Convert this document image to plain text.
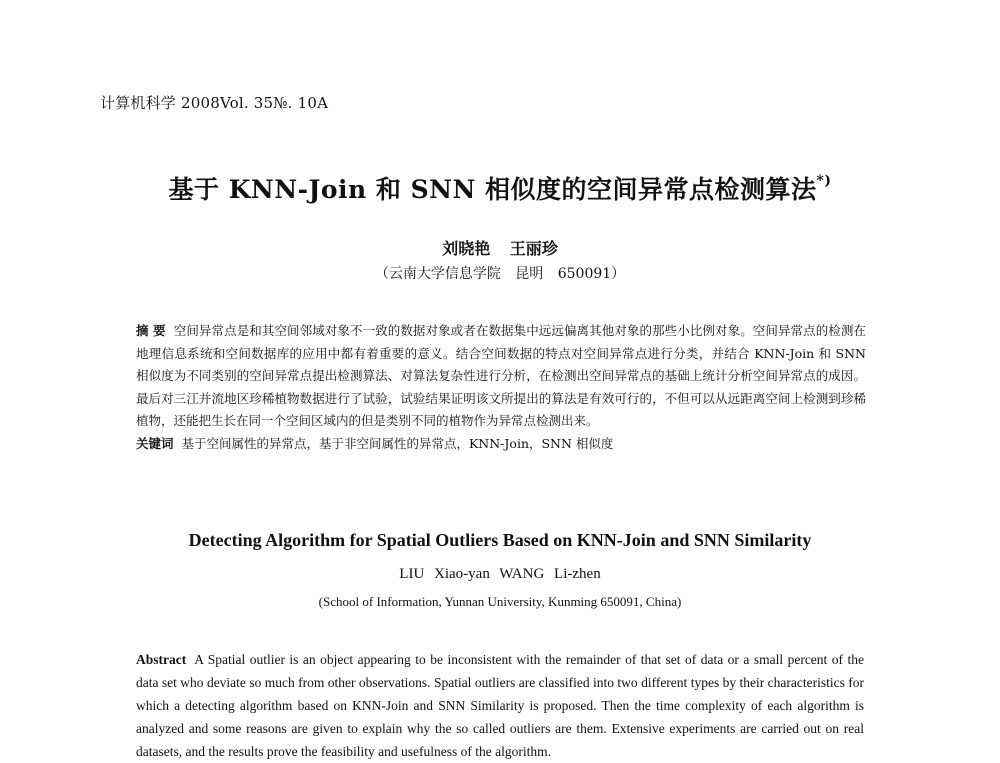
计算机科学 2008Vol. 35№. 10A
基于 KNN-Join 和 SNN 相似度的空间异常点检测算法*)
刘晓艳 王丽珍
（云南大学信息学院 昆明 650091）

摘 要 空间异常点是和其空间邻域对象不一致的数据对象或者在数据集中远远偏离其他对象的那些小比例对象。空间异常点的检测在地理信息系统和空间数据库的应用中都有着重要的意义。结合空间数据的特点对空间异常点进行分类，并结合 KNN-Join 和 SNN 相似度为不同类别的空间异常点提出检测算法、对算法复杂性进行分析，在检测出空间异常点的基础上统计分析空间异常点的成因。最后对三江并流地区珍稀植物数据进行了试验，试验结果证明该文所提出的算法是有效可行的，不但可以从远距离空间上检测到珍稀植物，还能把生长在同一个空间区域内的但是类别不同的植物作为异常点检测出来。

关键词 基于空间属性的异常点，基于非空间属性的异常点，KNN-Join，SNN 相似度

Detecting Algorithm for Spatial Outliers Based on KNN-Join and SNN Similarity
LIU Xiao-yan WANG Li-zhen
(School of Information, Yunnan University, Kunming 650091, China)

Abstract A Spatial outlier is an object appearing to be inconsistent with the remainder of that set of data or a small percent of the data set who deviate so much from other observations. Spatial outliers are classified into two different types by their characteristics for which a detecting algorithm based on KNN-Join and SNN Similarity is proposed. Then the time complexity of each algorithm is analyzed and some reasons are given to explain why the so called outliers are them. Extensive experiments are carried out on real datasets, and the results prove the feasibility and usefulness of the algorithm.
